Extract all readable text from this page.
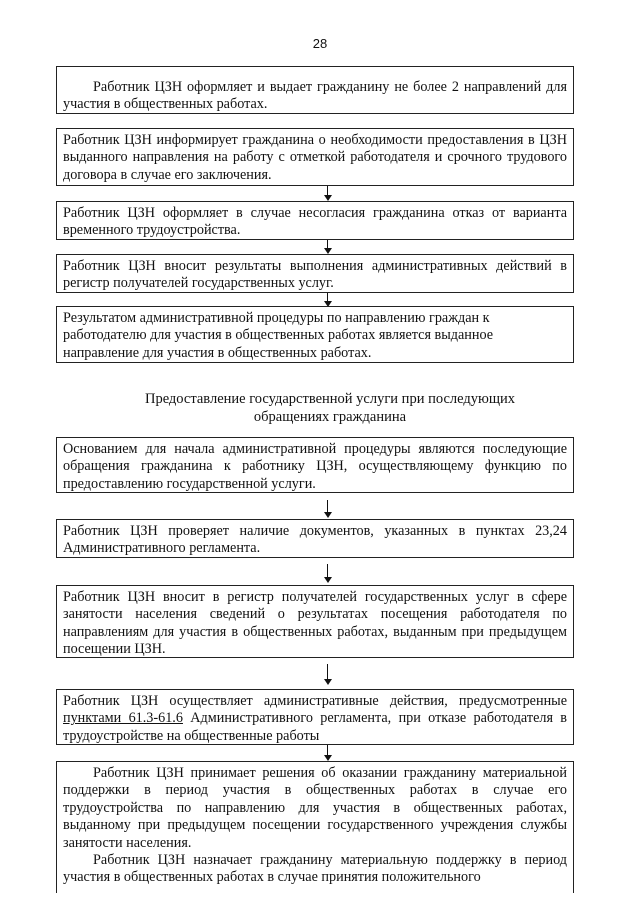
28

Работник ЦЗН оформляет и выдает гражданину не более 2 направлений для участия в общественных работах.

Работник ЦЗН информирует гражданина о необходимости предоставления в ЦЗН выданного направления на работу с отметкой работодателя и срочного трудового договора в случае его заключения.

Работник ЦЗН оформляет в случае несогласия гражданина отказ от варианта временного трудоустройства.

Работник ЦЗН вносит результаты выполнения административных действий в регистр получателей государственных услуг.

Результатом административной процедуры по направлению граждан к работодателю для участия в общественных работах является выданное направление для участия в общественных работах.

Предоставление государственной услуги при последующих
обращениях гражданина

Основанием для начала административной процедуры являются последующие обращения гражданина к работнику ЦЗН, осуществляющему функцию по предоставлению государственной услуги.

Работник ЦЗН проверяет наличие документов, указанных в пунктах 23,24 Административного регламента.

Работник ЦЗН вносит в регистр получателей государственных услуг в сфере занятости населения сведений о результатах посещения работодателя по направлениям для участия в общественных работах, выданным при предыдущем посещении ЦЗН.

Работник ЦЗН осуществляет административные действия, предусмотренные пунктами 61.3-61.6 Административного регламента, при отказе работодателя в трудоустройстве на общественные работы

Работник ЦЗН принимает решения об оказании гражданину материальной поддержки в период участия в общественных работах в случае его трудоустройства по направлению для участия в общественных работах, выданному при предыдущем посещении государственного учреждения службы занятости населения.

Работник ЦЗН назначает гражданину материальную поддержку в период участия в общественных работах в случае принятия положительного
